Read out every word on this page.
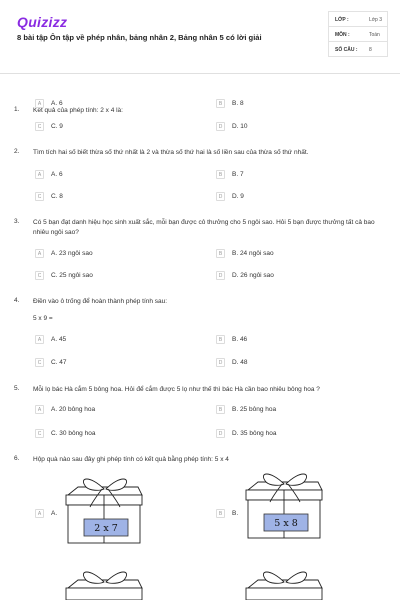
Quizizz
8 bài tập Ôn tập về phép nhân, bảng nhân 2, Bảng nhân 5 có lời giải
LỚP :	Lớp 3
MÔN :	Toán
SỐ CÂU : 8
1. Kết quả của phép tính: 2 x 4 là:
A	A. 6	B	B. 8
C	C. 9	D	D. 10
2. Tìm tích hai số biết thừa số thứ nhất là 2 và thừa số thứ hai là số liền sau của thừa số thứ nhất.
A	A. 6	B	B. 7
C	C. 8	D	D. 9
3. Có 5 bạn đạt danh hiệu học sinh xuất sắc, mỗi bạn được cô thưởng cho 5 ngôi sao. Hỏi 5 bạn được thưởng tất cả bao nhiêu ngôi sao?
A	A. 23 ngôi sao	B	B. 24 ngôi sao
C	C. 25 ngôi sao	D	D. 26 ngôi sao
4. Điền vào ô trống để hoàn thành phép tính sau:
5 x 9 =
A	A. 45	B	B. 46
C	C. 47	D	D. 48
5. Mỗi lọ bác Hà cắm 5 bông hoa. Hỏi để cắm được 5 lọ như thế thì bác Hà cần bao nhiêu bông hoa ?
A	A. 20 bông hoa	B	B. 25 bông hoa
C	C. 30 bông hoa	D	D. 35 bông hoa
6. Hộp quà nào sau đây ghi phép tính có kết quả bằng phép tính: 5 x 4
A	A.	B	B.
2 x 7	5 x 8
